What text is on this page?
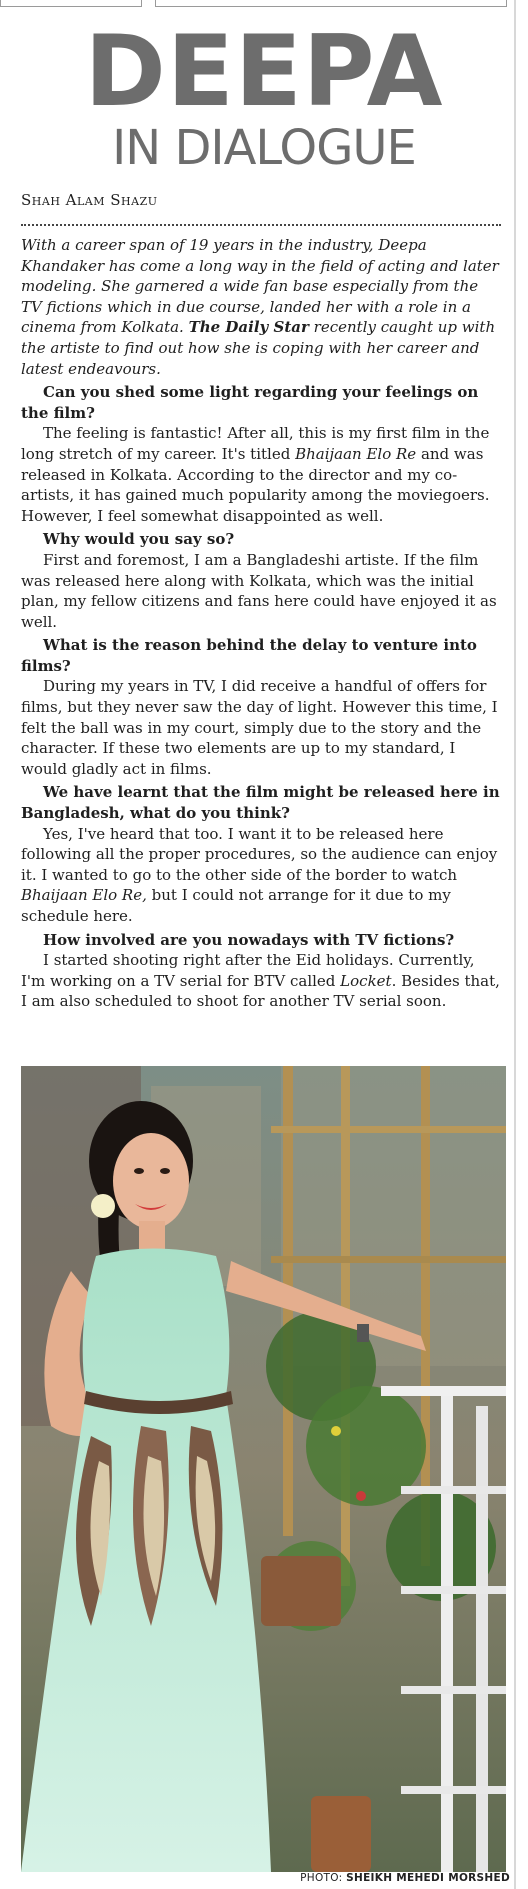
DEEPA
IN DIALOGUE
Shah Alam Shazu

With a career span of 19 years in the industry, Deepa Khandaker has come a long way in the field of acting and later modeling. She garnered a wide fan base especially from the TV fictions which in due course, landed her with a role in a cinema from Kolkata. The Daily Star recently caught up with the artiste to find out how she is coping with her career and latest endeavours.

Can you shed some light regarding your feelings on the film?

The feeling is fantastic! After all, this is my first film in the long stretch of my career. It's titled Bhaijaan Elo Re and was released in Kolkata. According to the director and my co-artists, it has gained much popularity among the moviegoers. However, I feel somewhat disappointed as well.

Why would you say so?

First and foremost, I am a Bangladeshi artiste. If the film was released here along with Kolkata, which was the initial plan, my fellow citizens and fans here could have enjoyed it as well.

What is the reason behind the delay to venture into films?

During my years in TV, I did receive a handful of offers for films, but they never saw the day of light. However this time, I felt the ball was in my court, simply due to the story and the character. If these two elements are up to my standard, I would gladly act in films.

We have learnt that the film might be released here in Bangladesh, what do you think?

Yes, I've heard that too. I want it to be released here following all the proper procedures, so the audience can enjoy it. I wanted to go to the other side of the border to watch Bhaijaan Elo Re, but I could not arrange for it due to my schedule here.

How involved are you nowadays with TV fictions?

I started shooting right after the Eid holidays. Currently, I'm working on a TV serial for BTV called Locket. Besides that, I am also scheduled to shoot for another TV serial soon.

PHOTO: SHEIKH MEHEDI MORSHED
